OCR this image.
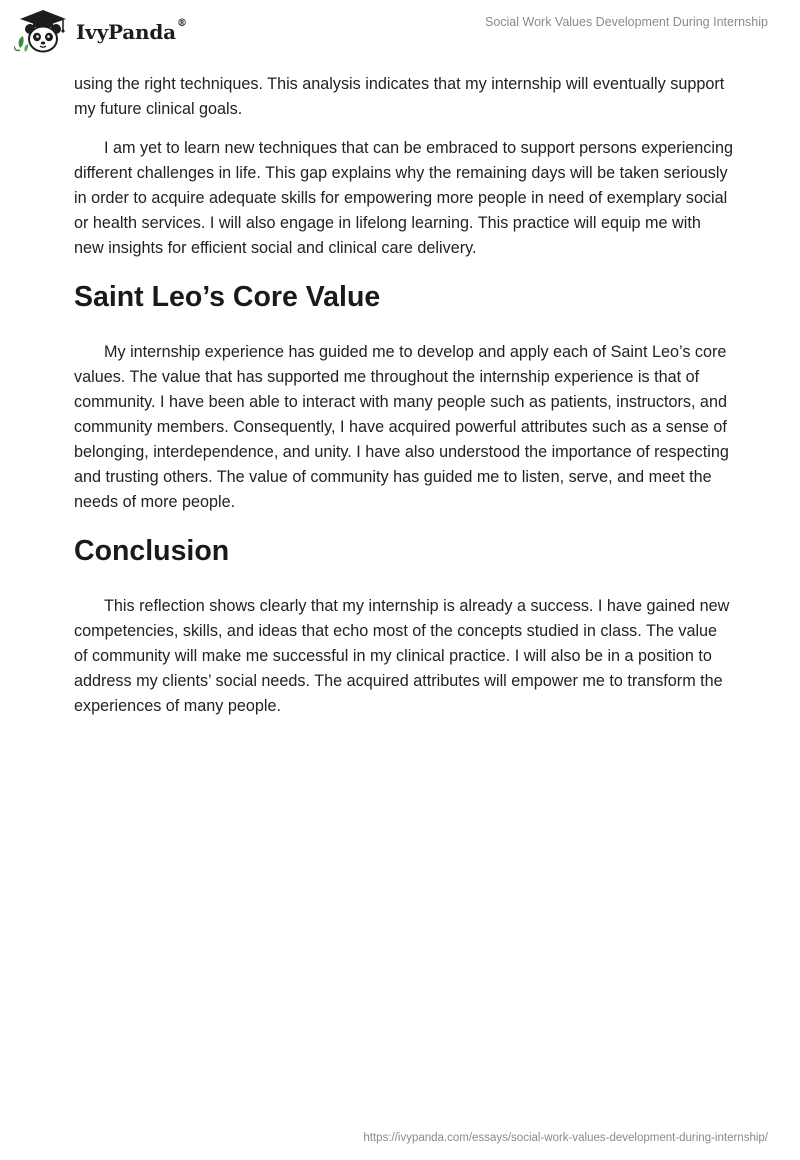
IvyPanda®	Social Work Values Development During Internship

using the right techniques. This analysis indicates that my internship will eventually support my future clinical goals.

I am yet to learn new techniques that can be embraced to support persons experiencing different challenges in life. This gap explains why the remaining days will be taken seriously in order to acquire adequate skills for empowering more people in need of exemplary social or health services. I will also engage in lifelong learning. This practice will equip me with new insights for efficient social and clinical care delivery.

Saint Leo’s Core Value

My internship experience has guided me to develop and apply each of Saint Leo’s core values. The value that has supported me throughout the internship experience is that of community. I have been able to interact with many people such as patients, instructors, and community members. Consequently, I have acquired powerful attributes such as a sense of belonging, interdependence, and unity. I have also understood the importance of respecting and trusting others. The value of community has guided me to listen, serve, and meet the needs of more people.

Conclusion

This reflection shows clearly that my internship is already a success. I have gained new competencies, skills, and ideas that echo most of the concepts studied in class. The value of community will make me successful in my clinical practice. I will also be in a position to address my clients’ social needs. The acquired attributes will empower me to transform the experiences of many people.

https://ivypanda.com/essays/social-work-values-development-during-internship/
